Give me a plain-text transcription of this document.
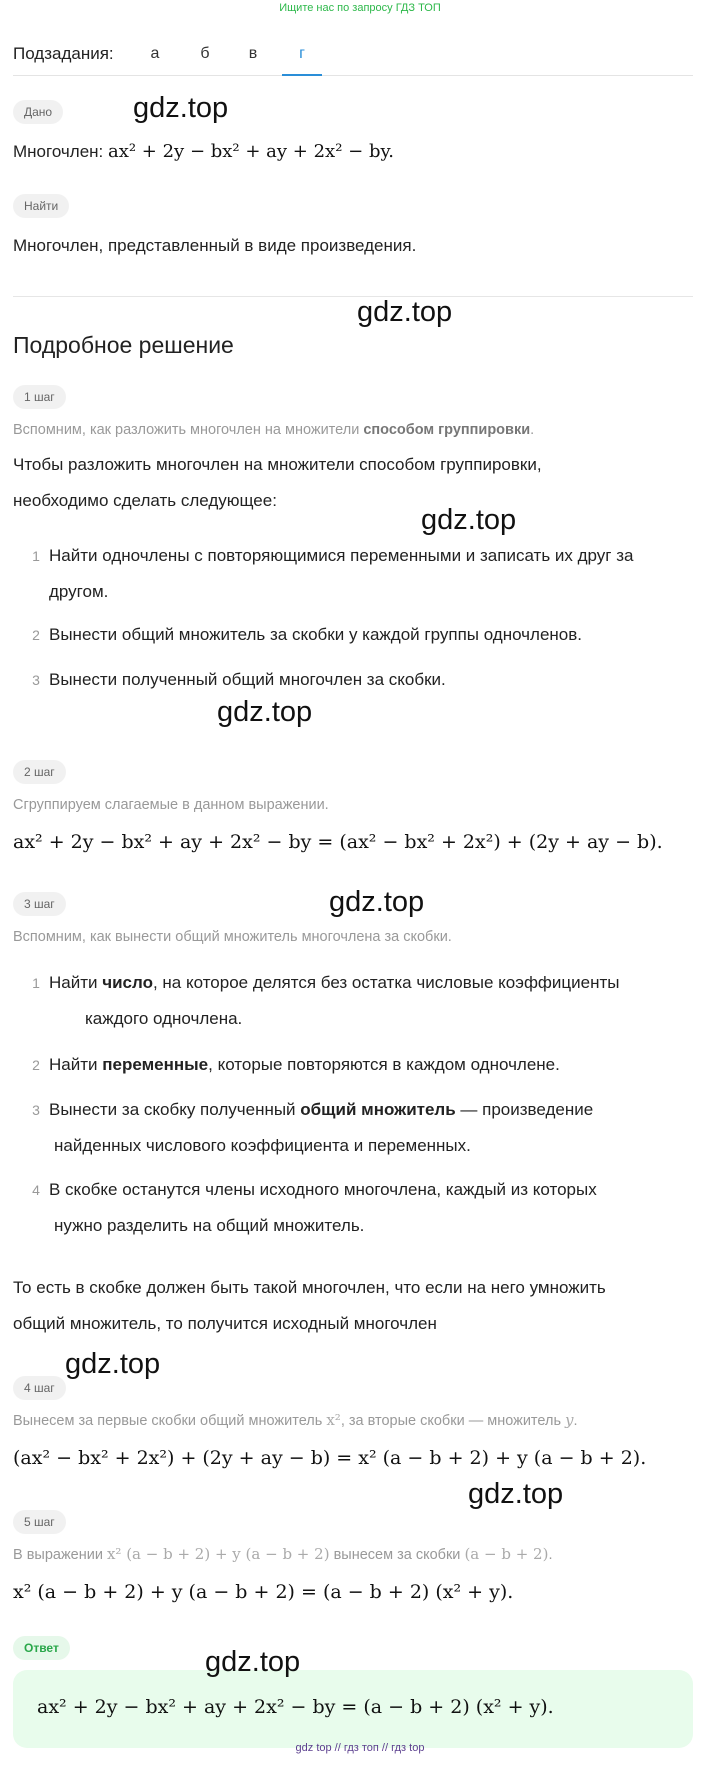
Ищите нас по запросу ГДЗ ТОП
Подзадания:	а	б	в	г
Дано
Многочлен: ax² + 2y − bx² + ay + 2x² − by.
Найти
Многочлен, представленный в виде произведения.
Подробное решение
1 шаг
Вспомним, как разложить многочлен на множители способом группировки.
Чтобы разложить многочлен на множители способом группировки,
необходимо сделать следующее:
1 Найти одночлены с повторяющимися переменными и записать их друг за
другом.
2 Вынести общий множитель за скобки у каждой группы одночленов.
3 Вынести полученный общий многочлен за скобки.
2 шаг
Сгруппируем слагаемые в данном выражении.
ax² + 2y − bx² + ay + 2x² − by = (ax² − bx² + 2x²) + (2y + ay − b).
3 шаг
Вспомним, как вынести общий множитель многочлена за скобки.
1 Найти число, на которое делятся без остатка числовые коэффициенты
каждого одночлена.
2 Найти переменные, которые повторяются в каждом одночлене.
3 Вынести за скобку полученный общий множитель — произведение
найденных числового коэффициента и переменных.
4 В скобке останутся члены исходного многочлена, каждый из которых
нужно разделить на общий множитель.
То есть в скобке должен быть такой многочлен, что если на него умножить
общий множитель, то получится исходный многочлен
4 шаг
Вынесем за первые скобки общий множитель x², за вторые скобки — множитель y.
(ax² − bx² + 2x²) + (2y + ay − b) = x² (a − b + 2) + y (a − b + 2).
5 шаг
В выражении x² (a − b + 2) + y (a − b + 2) вынесем за скобки (a − b + 2).
x² (a − b + 2) + y (a − b + 2) = (a − b + 2) (x² + y).
Ответ
ax² + 2y − bx² + ay + 2x² − by = (a − b + 2) (x² + y).
gdz.top
gdz.top
gdz.top
gdz.top
gdz.top
gdz.top
gdz.top
gdz.top
gdz top // гдз топ // гдз top
